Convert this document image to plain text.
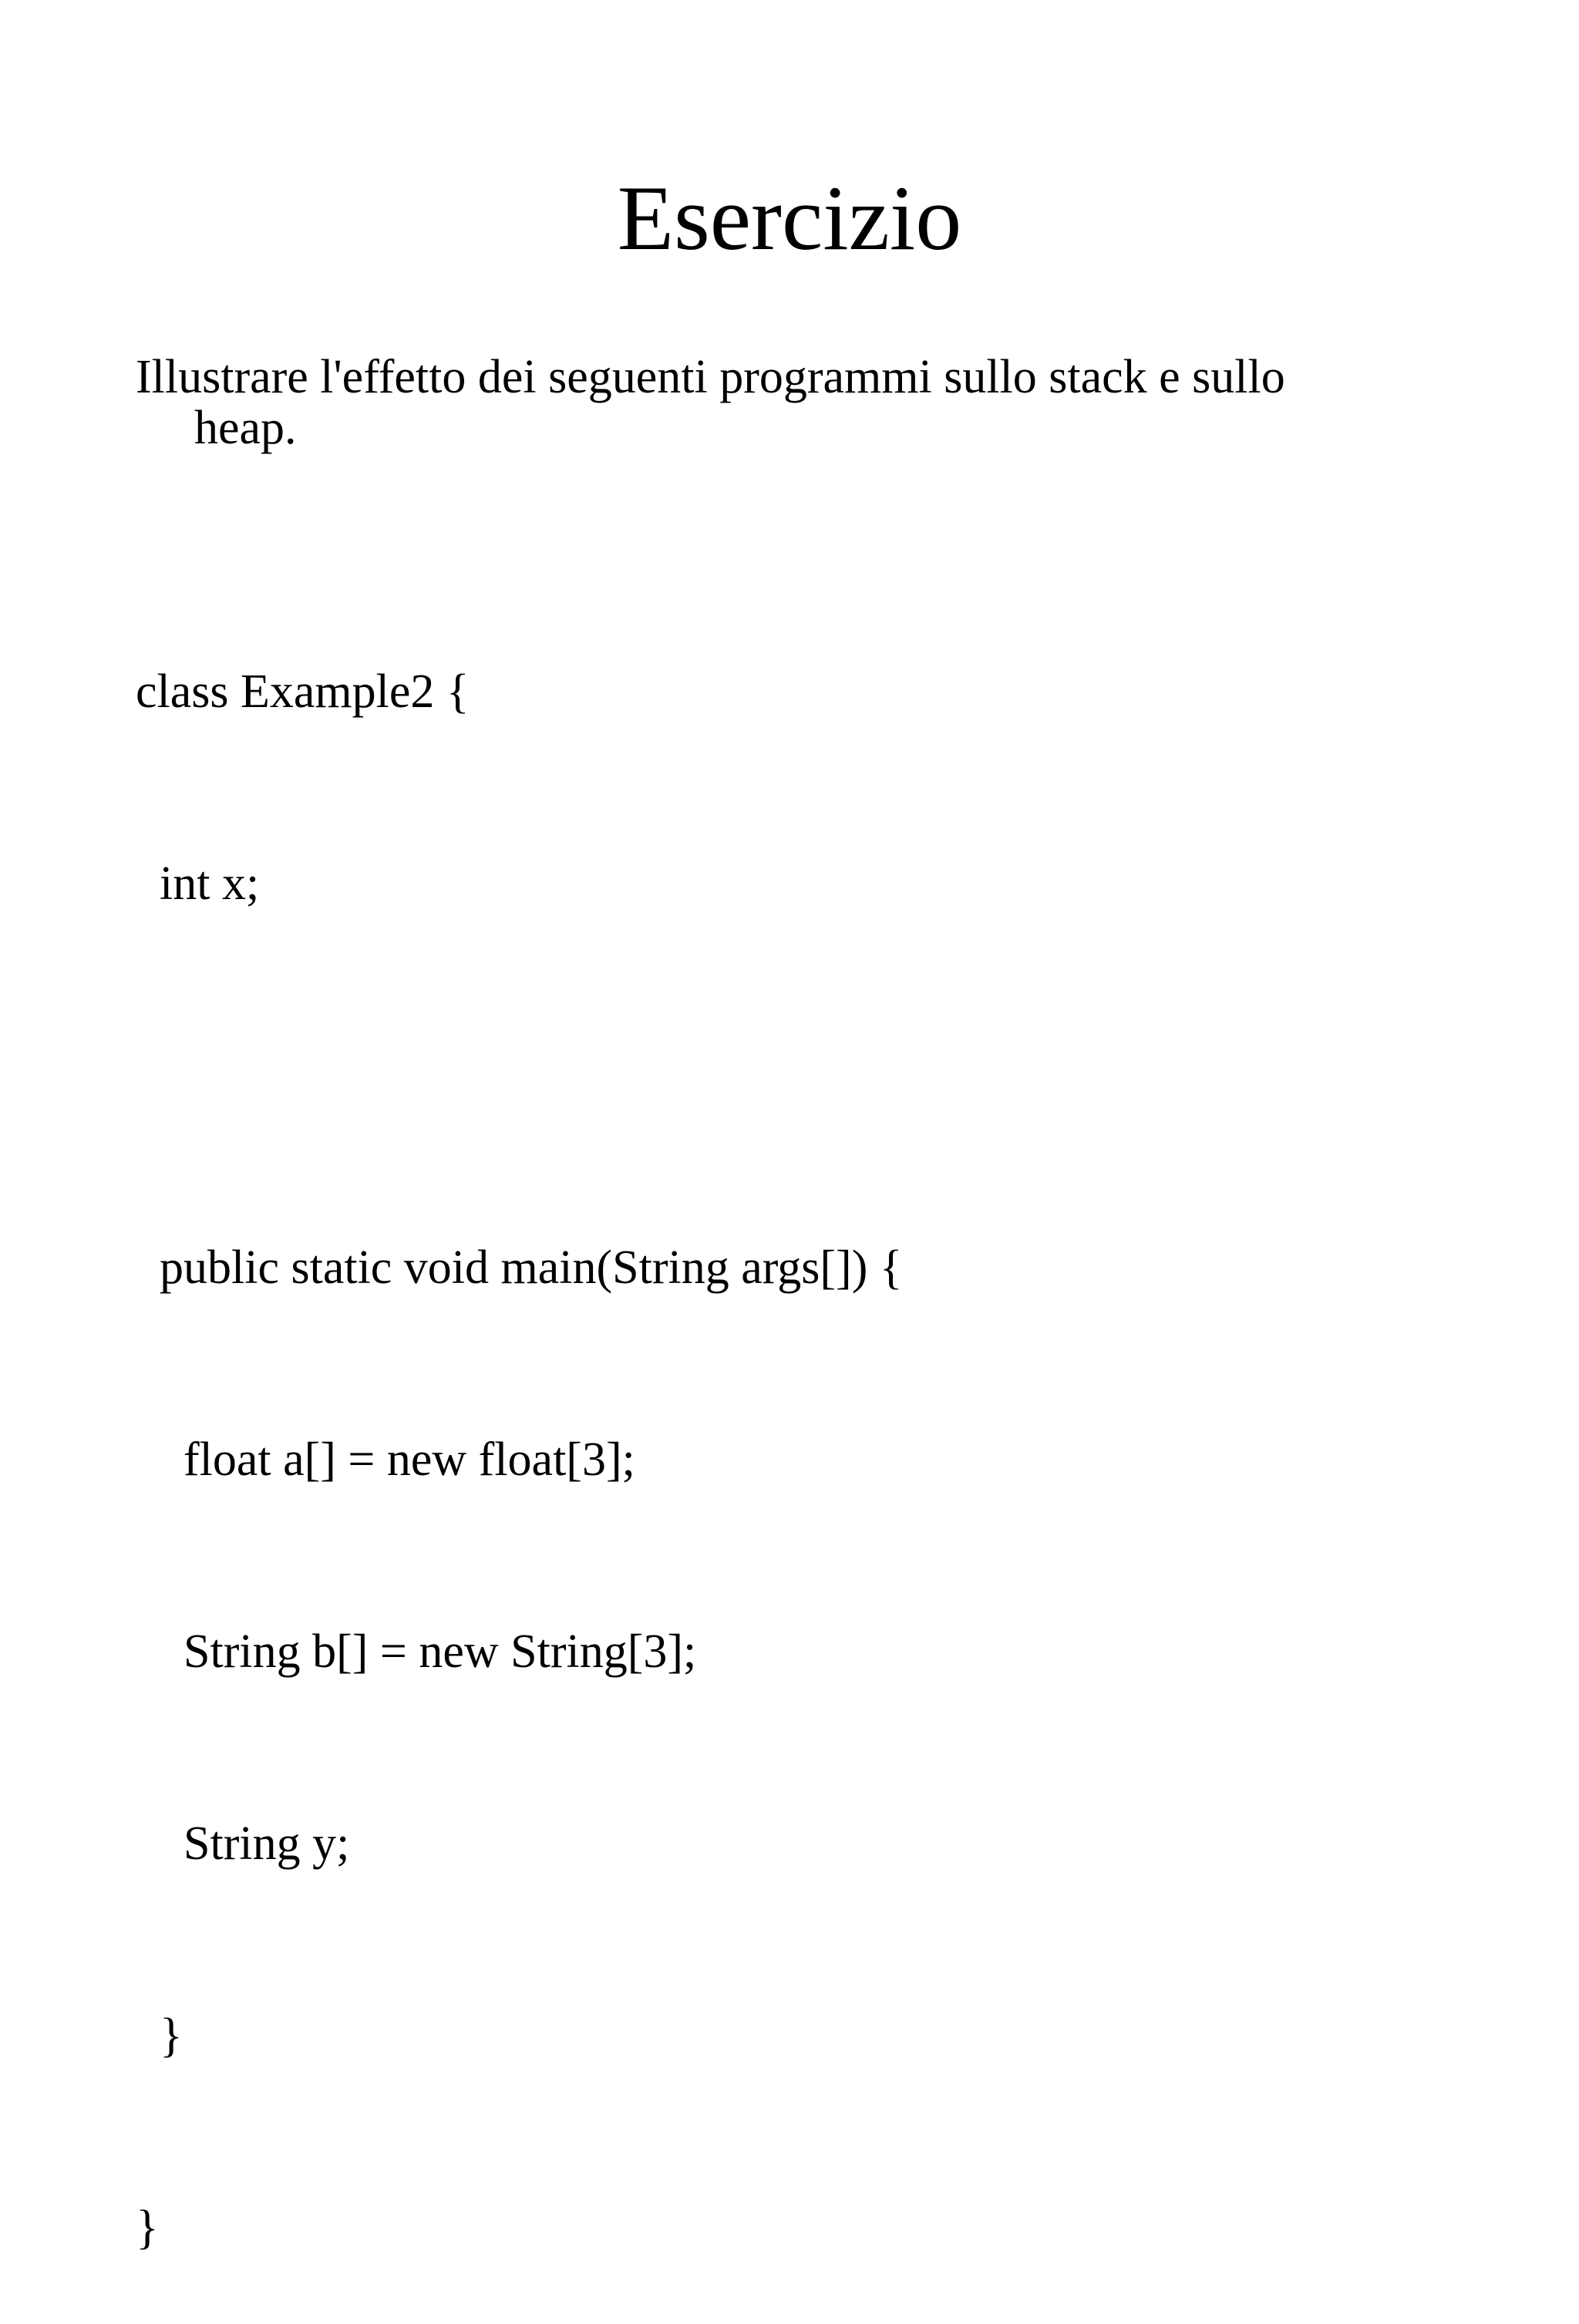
Esercizio
Illustrare l'effetto dei seguenti programmi sullo stack e sullo
heap.

class Example2 {

int x;

public static void main(String args[]) {

float a[] = new float[3];

String b[] = new String[3];

String y;

}

}
